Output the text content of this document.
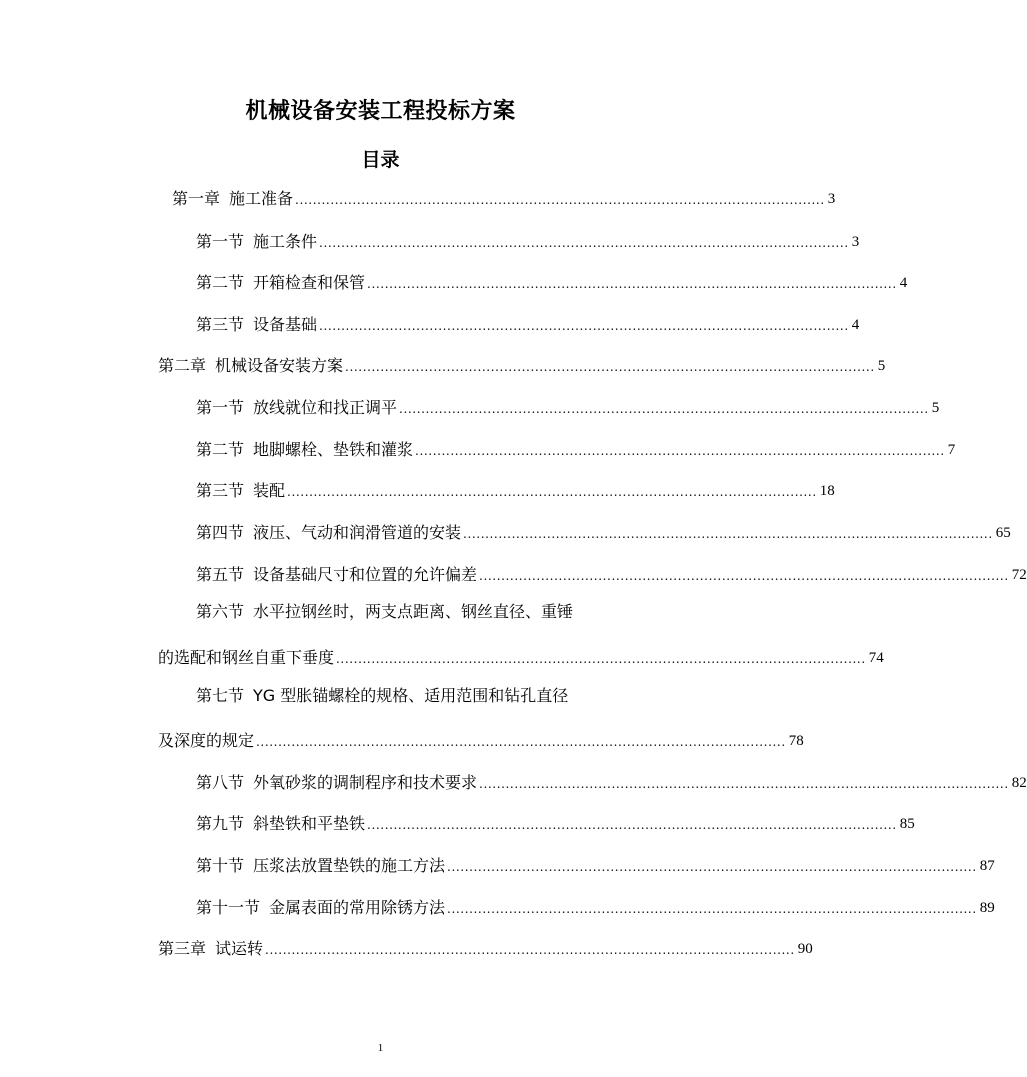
机械设备安装工程投标方案
目录
第一章 施工准备 ........................................................................................................................ 3
第一节 施工条件 ........................................................................................................................ 3
第二节 开箱检查和保管 ........................................................................................................................ 4
第三节 设备基础 ........................................................................................................................ 4
第二章 机械设备安装方案 ........................................................................................................................ 5
第一节 放线就位和找正调平 ........................................................................................................................ 5
第二节 地脚螺栓、垫铁和灌浆 ........................................................................................................................ 7
第三节 装配 ........................................................................................................................ 18
第四节 液压、气动和润滑管道的安装 ........................................................................................................................ 65
第五节 设备基础尺寸和位置的允许偏差 ........................................................................................................................ 72
第六节 水平拉钢丝时，两支点距离、钢丝直径、重锤
的选配和钢丝自重下垂度 ........................................................................................................................ 74
第七节 YG 型胀锚螺栓的规格、适用范围和钻孔直径
及深度的规定 ........................................................................................................................ 78
第八节 外氧砂浆的调制程序和技术要求 ........................................................................................................................ 82
第九节 斜垫铁和平垫铁 ........................................................................................................................ 85
第十节 压浆法放置垫铁的施工方法 ........................................................................................................................ 87
第十一节 金属表面的常用除锈方法 ........................................................................................................................ 89
第三章 试运转 ........................................................................................................................ 90
1
